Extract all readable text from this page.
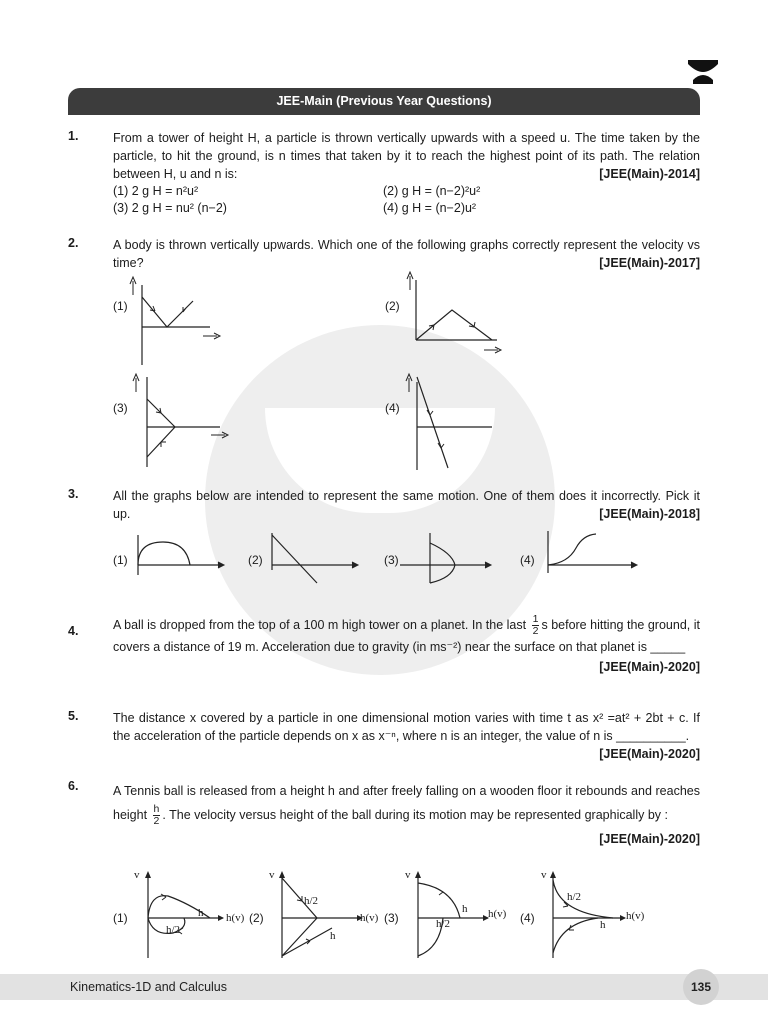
JEE-Main (Previous Year Questions)
1.	From a tower of height H, a particle is thrown vertically upwards with a speed u. The time taken by the particle, to hit the ground, is n times that taken by it to reach the highest point of its path. The relation between H, u and n is:	[JEE(Main)-2014]
(1) 2 g H = n²u²	(2) g H = (n−2)²u²
(3) 2 g H = nu² (n−2)	(4) g H = (n−2)u²
2.	A body is thrown vertically upwards. Which one of the following graphs correctly represent the velocity vs time?	[JEE(Main)-2017]
(1)	(2)
(3)	(4)
3.	All the graphs below are intended to represent the same motion. One of them does it incorrectly. Pick it up.	[JEE(Main)-2018]
(1)	(2)	(3)	(4)
4.	A ball is dropped from the top of a 100 m high tower on a planet. In the last $\frac{1}{2}$ s before hitting the ground, it covers a distance of 19 m. Acceleration due to gravity (in ms⁻²) near the surface on that planet is _____
[JEE(Main)-2020]
5.	The distance x covered by a particle in one dimensional motion varies with time t as x² =at² + 2bt + c. If the acceleration of the particle depends on x as x⁻ⁿ, where n is an integer, the value of n is __________.
[JEE(Main)-2020]
6.	A Tennis ball is released from a height h and after freely falling on a wooden floor it rebounds and reaches height $\frac{h}{2}$ . The velocity versus height of the ball during its motion may be represented graphically by :
[JEE(Main)-2020]
(1)	h
h/2
v
h(v) (2)
h/2
h
v
h(v) (3)
h
h/2
v
h(v) (4)
h/2
h
v
h(v)
Kinematics-1D and Calculus	135
